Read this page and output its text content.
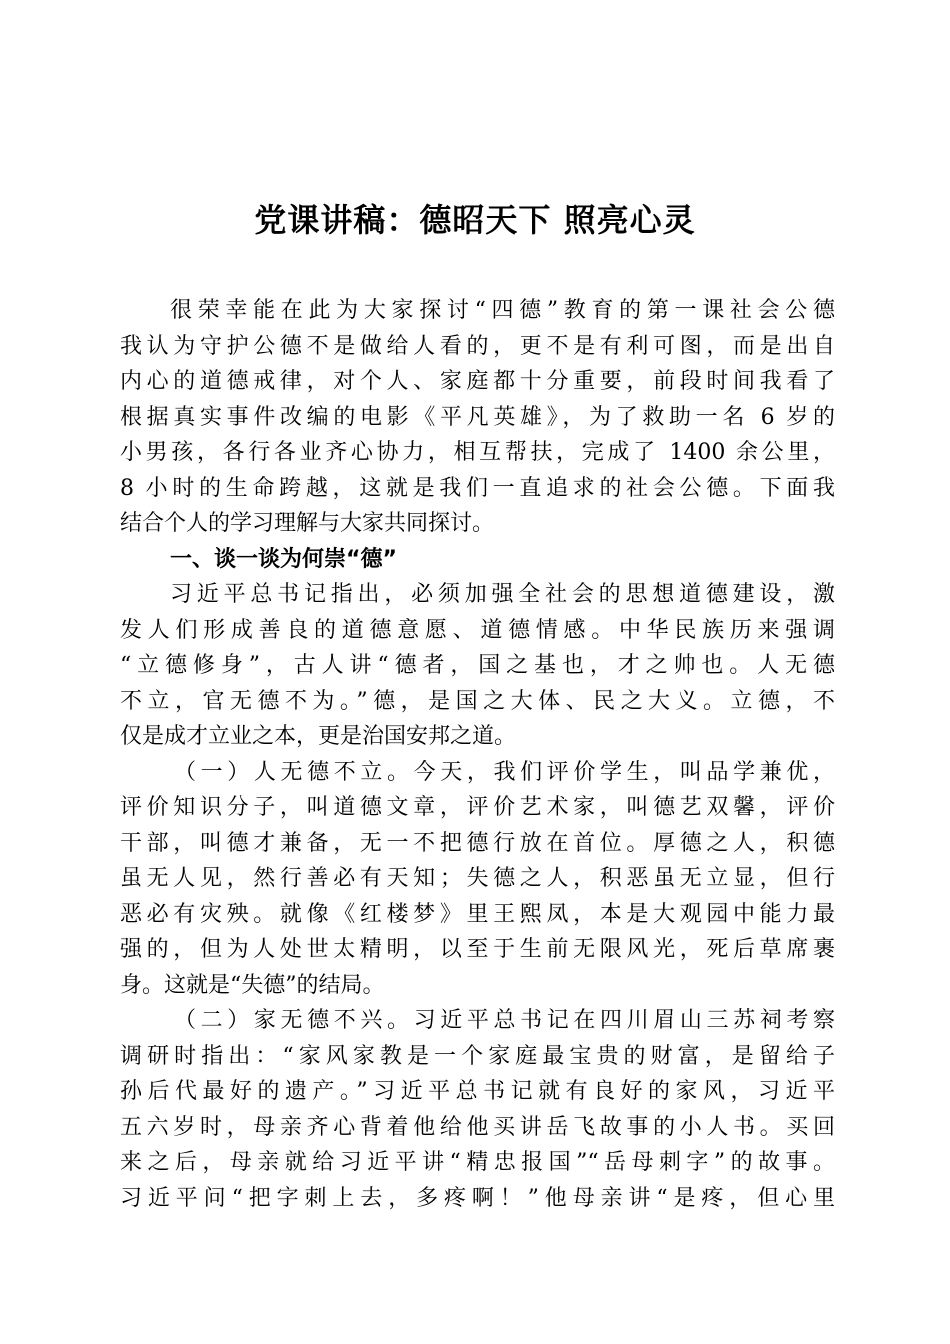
党课讲稿：德昭天下 照亮心灵
很荣幸能在此为大家探讨“四德”教育的第一课社会公德
我认为守护公德不是做给人看的，更不是有利可图，而是出自
内心的道德戒律，对个人、家庭都十分重要，前段时间我看了
根据真实事件改编的电影《平凡英雄》，为了救助一名 6 岁的
小男孩，各行各业齐心协力，相互帮扶，完成了 1400 余公里，
8 小时的生命跨越，这就是我们一直追求的社会公德。下面我
结合个人的学习理解与大家共同探讨。
一、谈一谈为何崇“德”
习近平总书记指出，必须加强全社会的思想道德建设，激
发人们形成善良的道德意愿、道德情感。中华民族历来强调
“立德修身”，古人讲“德者，国之基也，才之帅也。人无德
不立，官无德不为。”德，是国之大体、民之大义。立德，不
仅是成才立业之本，更是治国安邦之道。
（一）人无德不立。今天，我们评价学生，叫品学兼优，
评价知识分子，叫道德文章，评价艺术家，叫德艺双馨，评价
干部，叫德才兼备，无一不把德行放在首位。厚德之人，积德
虽无人见，然行善必有天知；失德之人，积恶虽无立显，但行
恶必有灾殃。就像《红楼梦》里王熙凤，本是大观园中能力最
强的，但为人处世太精明，以至于生前无限风光，死后草席裹
身。这就是“失德”的结局。
（二）家无德不兴。习近平总书记在四川眉山三苏祠考察
调研时指出：“家风家教是一个家庭最宝贵的财富，是留给子
孙后代最好的遗产。”习近平总书记就有良好的家风，习近平
五六岁时，母亲齐心背着他给他买讲岳飞故事的小人书。买回
来之后，母亲就给习近平讲“精忠报国”“岳母刺字”的故事。
习近平问“把字刺上去，多疼啊！”他母亲讲“是疼，但心里
